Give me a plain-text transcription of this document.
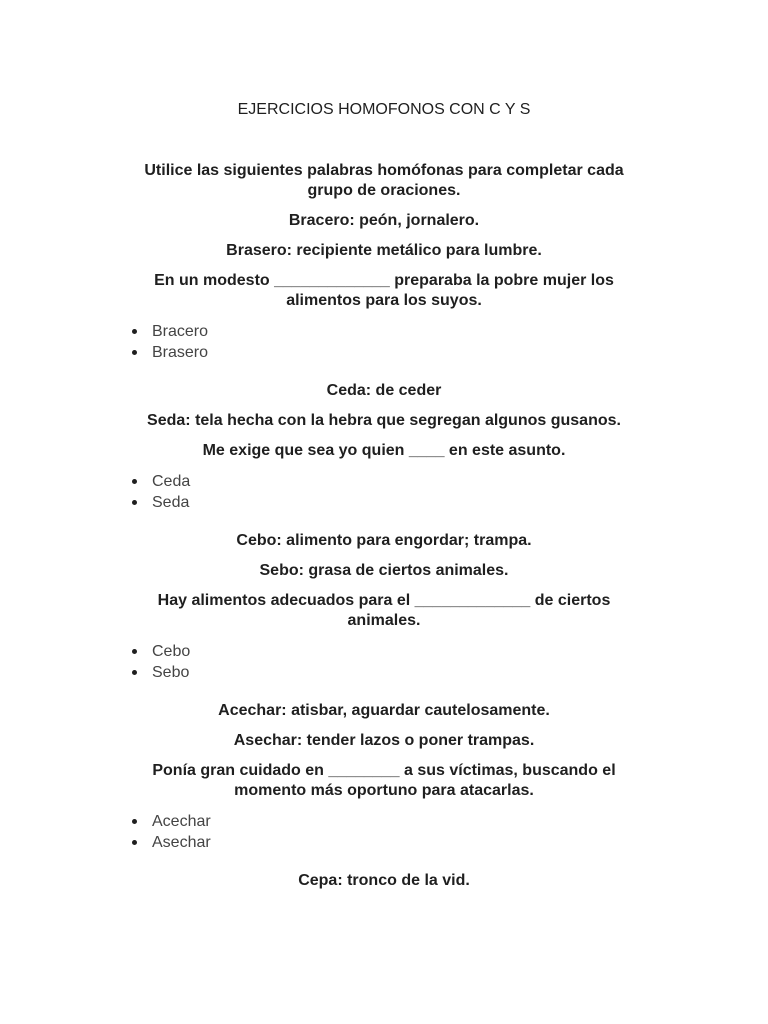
EJERCICIOS HOMOFONOS CON C Y S

Utilice las siguientes palabras homófonas para completar cada grupo de oraciones.

Bracero: peón, jornalero.

Brasero: recipiente metálico para lumbre.

En un modesto _____________ preparaba la pobre mujer los alimentos para los suyos.

Bracero
Brasero

Ceda: de ceder

Seda: tela hecha con la hebra que segregan algunos gusanos.

Me exige que sea yo quien ____ en este asunto.

Ceda
Seda

Cebo: alimento para engordar; trampa.

Sebo: grasa de ciertos animales.

Hay alimentos adecuados para el _____________ de ciertos animales.

Cebo
Sebo

Acechar: atisbar, aguardar cautelosamente.

Asechar: tender lazos o poner trampas.

Ponía gran cuidado en ________ a sus víctimas, buscando el momento más oportuno para atacarlas.

Acechar
Asechar

Cepa: tronco de la vid.
